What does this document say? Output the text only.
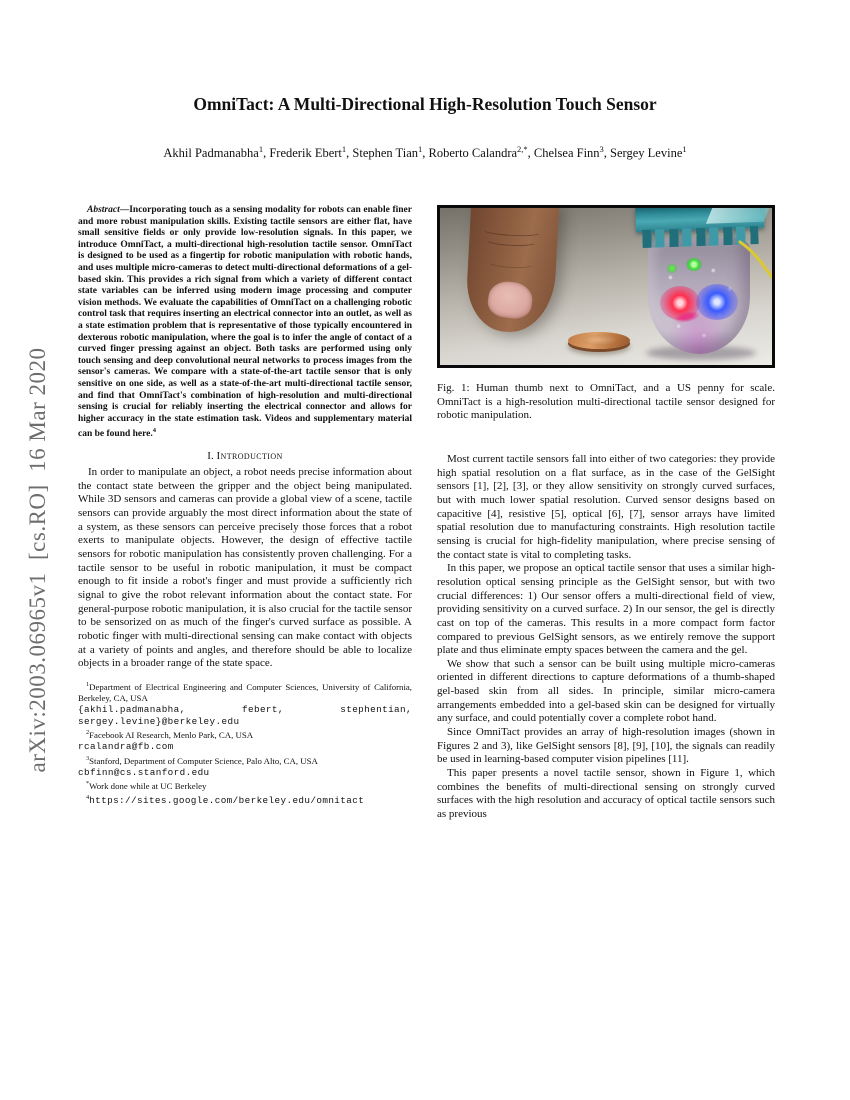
arXiv:2003.06965v1  [cs.RO]  16 Mar 2020
OmniTact: A Multi-Directional High-Resolution Touch Sensor
Akhil Padmanabha$^1$, Frederik Ebert$^1$, Stephen Tian$^1$, Roberto Calandra$^{2,*}$, Chelsea Finn$^3$, Sergey Levine$^1$

Abstract—Incorporating touch as a sensing modality for robots can enable finer and more robust manipulation skills. Existing tactile sensors are either flat, have small sensitive fields or only provide low-resolution signals. In this paper, we introduce OmniTact, a multi-directional high-resolution tactile sensor. OmniTact is designed to be used as a fingertip for robotic manipulation with robotic hands, and uses multiple micro-cameras to detect multi-directional deformations of a gel-based skin. This provides a rich signal from which a variety of different contact state variables can be inferred using modern image processing and computer vision methods. We evaluate the capabilities of OmniTact on a challenging robotic control task that requires inserting an electrical connector into an outlet, as well as a state estimation problem that is representative of those typically encountered in dexterous robotic manipulation, where the goal is to infer the angle of contact of a curved finger pressing against an object. Both tasks are performed using only touch sensing and deep convolutional neural networks to process images from the sensor's cameras. We compare with a state-of-the-art tactile sensor that is only sensitive on one side, as well as a state-of-the-art multi-directional tactile sensor, and find that OmniTact's combination of high-resolution and multi-directional sensing is crucial for reliably inserting the electrical connector and allows for higher accuracy in the state estimation task. Videos and supplementary material can be found here.$^4$

I. Introduction

In order to manipulate an object, a robot needs precise information about the contact state between the gripper and the object being manipulated. While 3D sensors and cameras can provide a global view of a scene, tactile sensors can provide arguably the most direct information about the state of a system, as these sensors can perceive precisely those forces that a robot exerts to manipulate objects. However, the design of effective tactile sensors for robotic manipulation has consistently proven challenging. For a tactile sensor to be useful in robotic manipulation, it must be compact enough to fit inside a robot's finger and must provide a sufficiently rich signal to give the robot relevant information about the contact state. For general-purpose robotic manipulation, it is also crucial for the tactile sensor to be sensorized on as much of the finger's curved surface as possible. A robotic finger with multi-directional sensing can make contact with objects at a variety of points and angles, and therefore should be able to localize objects in a broader range of the state space.

$^1$Department of Electrical Engineering and Computer Sciences, University of California, Berkeley, CA, USA
{akhil.padmanabha, febert, stephentian, sergey.levine}@berkeley.edu

$^2$Facebook AI Research, Menlo Park, CA, USA
rcalandra@fb.com

$^3$Stanford, Department of Computer Science, Palo Alto, CA, USA
cbfinn@cs.stanford.edu

*Work done while at UC Berkeley

$^4$https://sites.google.com/berkeley.edu/omnitact

Fig. 1: Human thumb next to OmniTact, and a US penny for scale. OmniTact is a high-resolution multi-directional tactile sensor designed for robotic manipulation.

Most current tactile sensors fall into either of two categories: they provide high spatial resolution on a flat surface, as in the case of the GelSight sensors [1], [2], [3], or they allow sensitivity on strongly curved surfaces, but with much lower spatial resolution. Curved sensor designs based on capacitive [4], resistive [5], optical [6], [7], sensor arrays have limited spatial resolution due to manufacturing constraints. High resolution tactile sensing is crucial for high-fidelity manipulation, where precise sensing of the contact state is vital to completing tasks.

In this paper, we propose an optical tactile sensor that uses a similar high-resolution optical sensing principle as the GelSight sensor, but with two crucial differences: 1) Our sensor offers a multi-directional field of view, providing sensitivity on a curved surface. 2) In our sensor, the gel is directly cast on top of the cameras. This results in a more compact form factor compared to previous GelSight sensors, as we entirely remove the support plate and thus eliminate empty spaces between the camera and the gel.

We show that such a sensor can be built using multiple micro-cameras oriented in different directions to capture deformations of a thumb-shaped gel-based skin from all sides. In principle, similar micro-camera arrangements embedded into a gel-based skin can be designed for virtually any surface, and could potentially cover a complete robot hand.

Since OmniTact provides an array of high-resolution images (shown in Figures 2 and 3), like GelSight sensors [8], [9], [10], the signals can readily be used in learning-based computer vision pipelines [11].

This paper presents a novel tactile sensor, shown in Figure 1, which combines the benefits of multi-directional sensing on strongly curved surfaces with the high resolution and accuracy of optical tactile sensors such as previous
